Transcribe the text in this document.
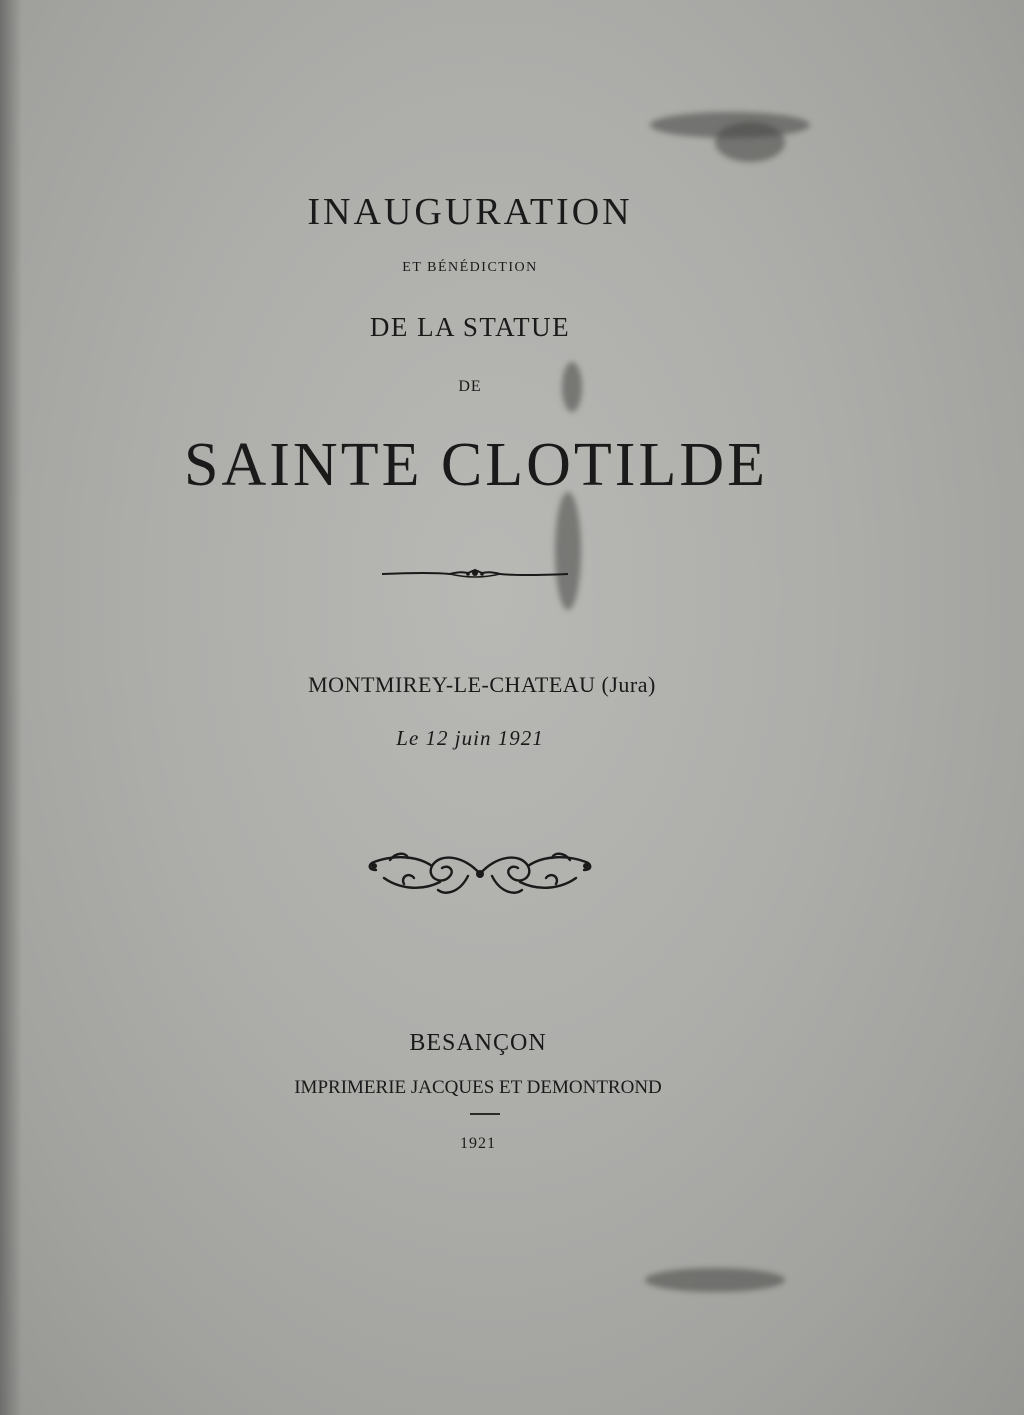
INAUGURATION
ET BÉNÉDICTION
DE LA STATUE
DE
SAINTE CLOTILDE
MONTMIREY-LE-CHATEAU (Jura)
Le 12 juin 1921
BESANÇON
IMPRIMERIE JACQUES ET DEMONTROND
1921
